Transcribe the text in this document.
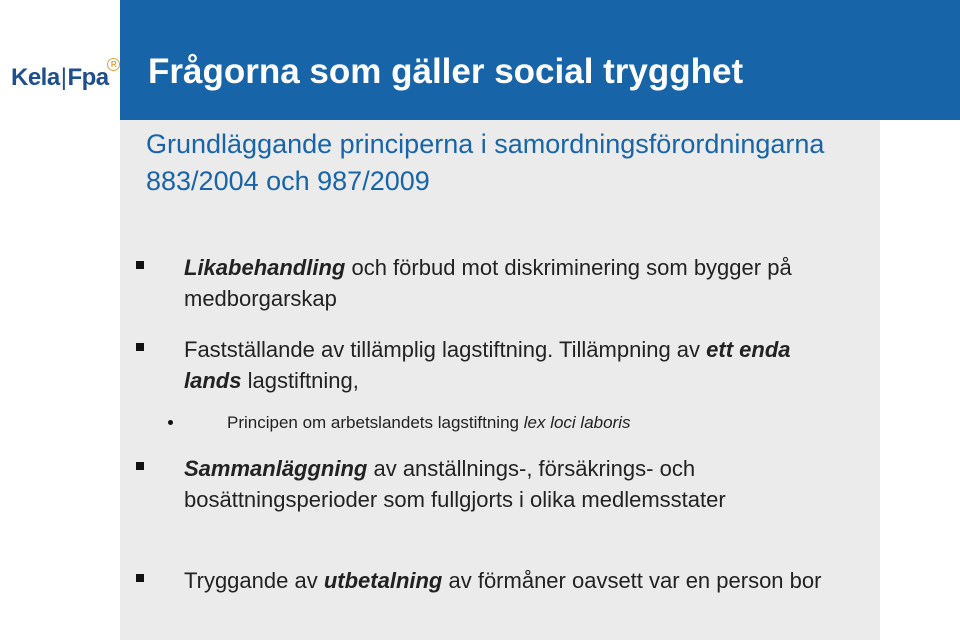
Kela|Fpa R Frågorna som gäller social trygghet
Grundläggande principerna i samordningsförordningarna 883/2004 och 987/2009
Likabehandling och förbud mot diskriminering som bygger på medborgarskap
Fastställande av tillämplig lagstiftning. Tillämpning av ett enda lands lagstiftning,
Principen om arbetslandets lagstiftning lex loci laboris
Sammanläggning av anställnings-, försäkrings- och bosättningsperioder som fullgjorts i olika medlemsstater
Tryggande av utbetalning av förmåner oavsett var en person bor
